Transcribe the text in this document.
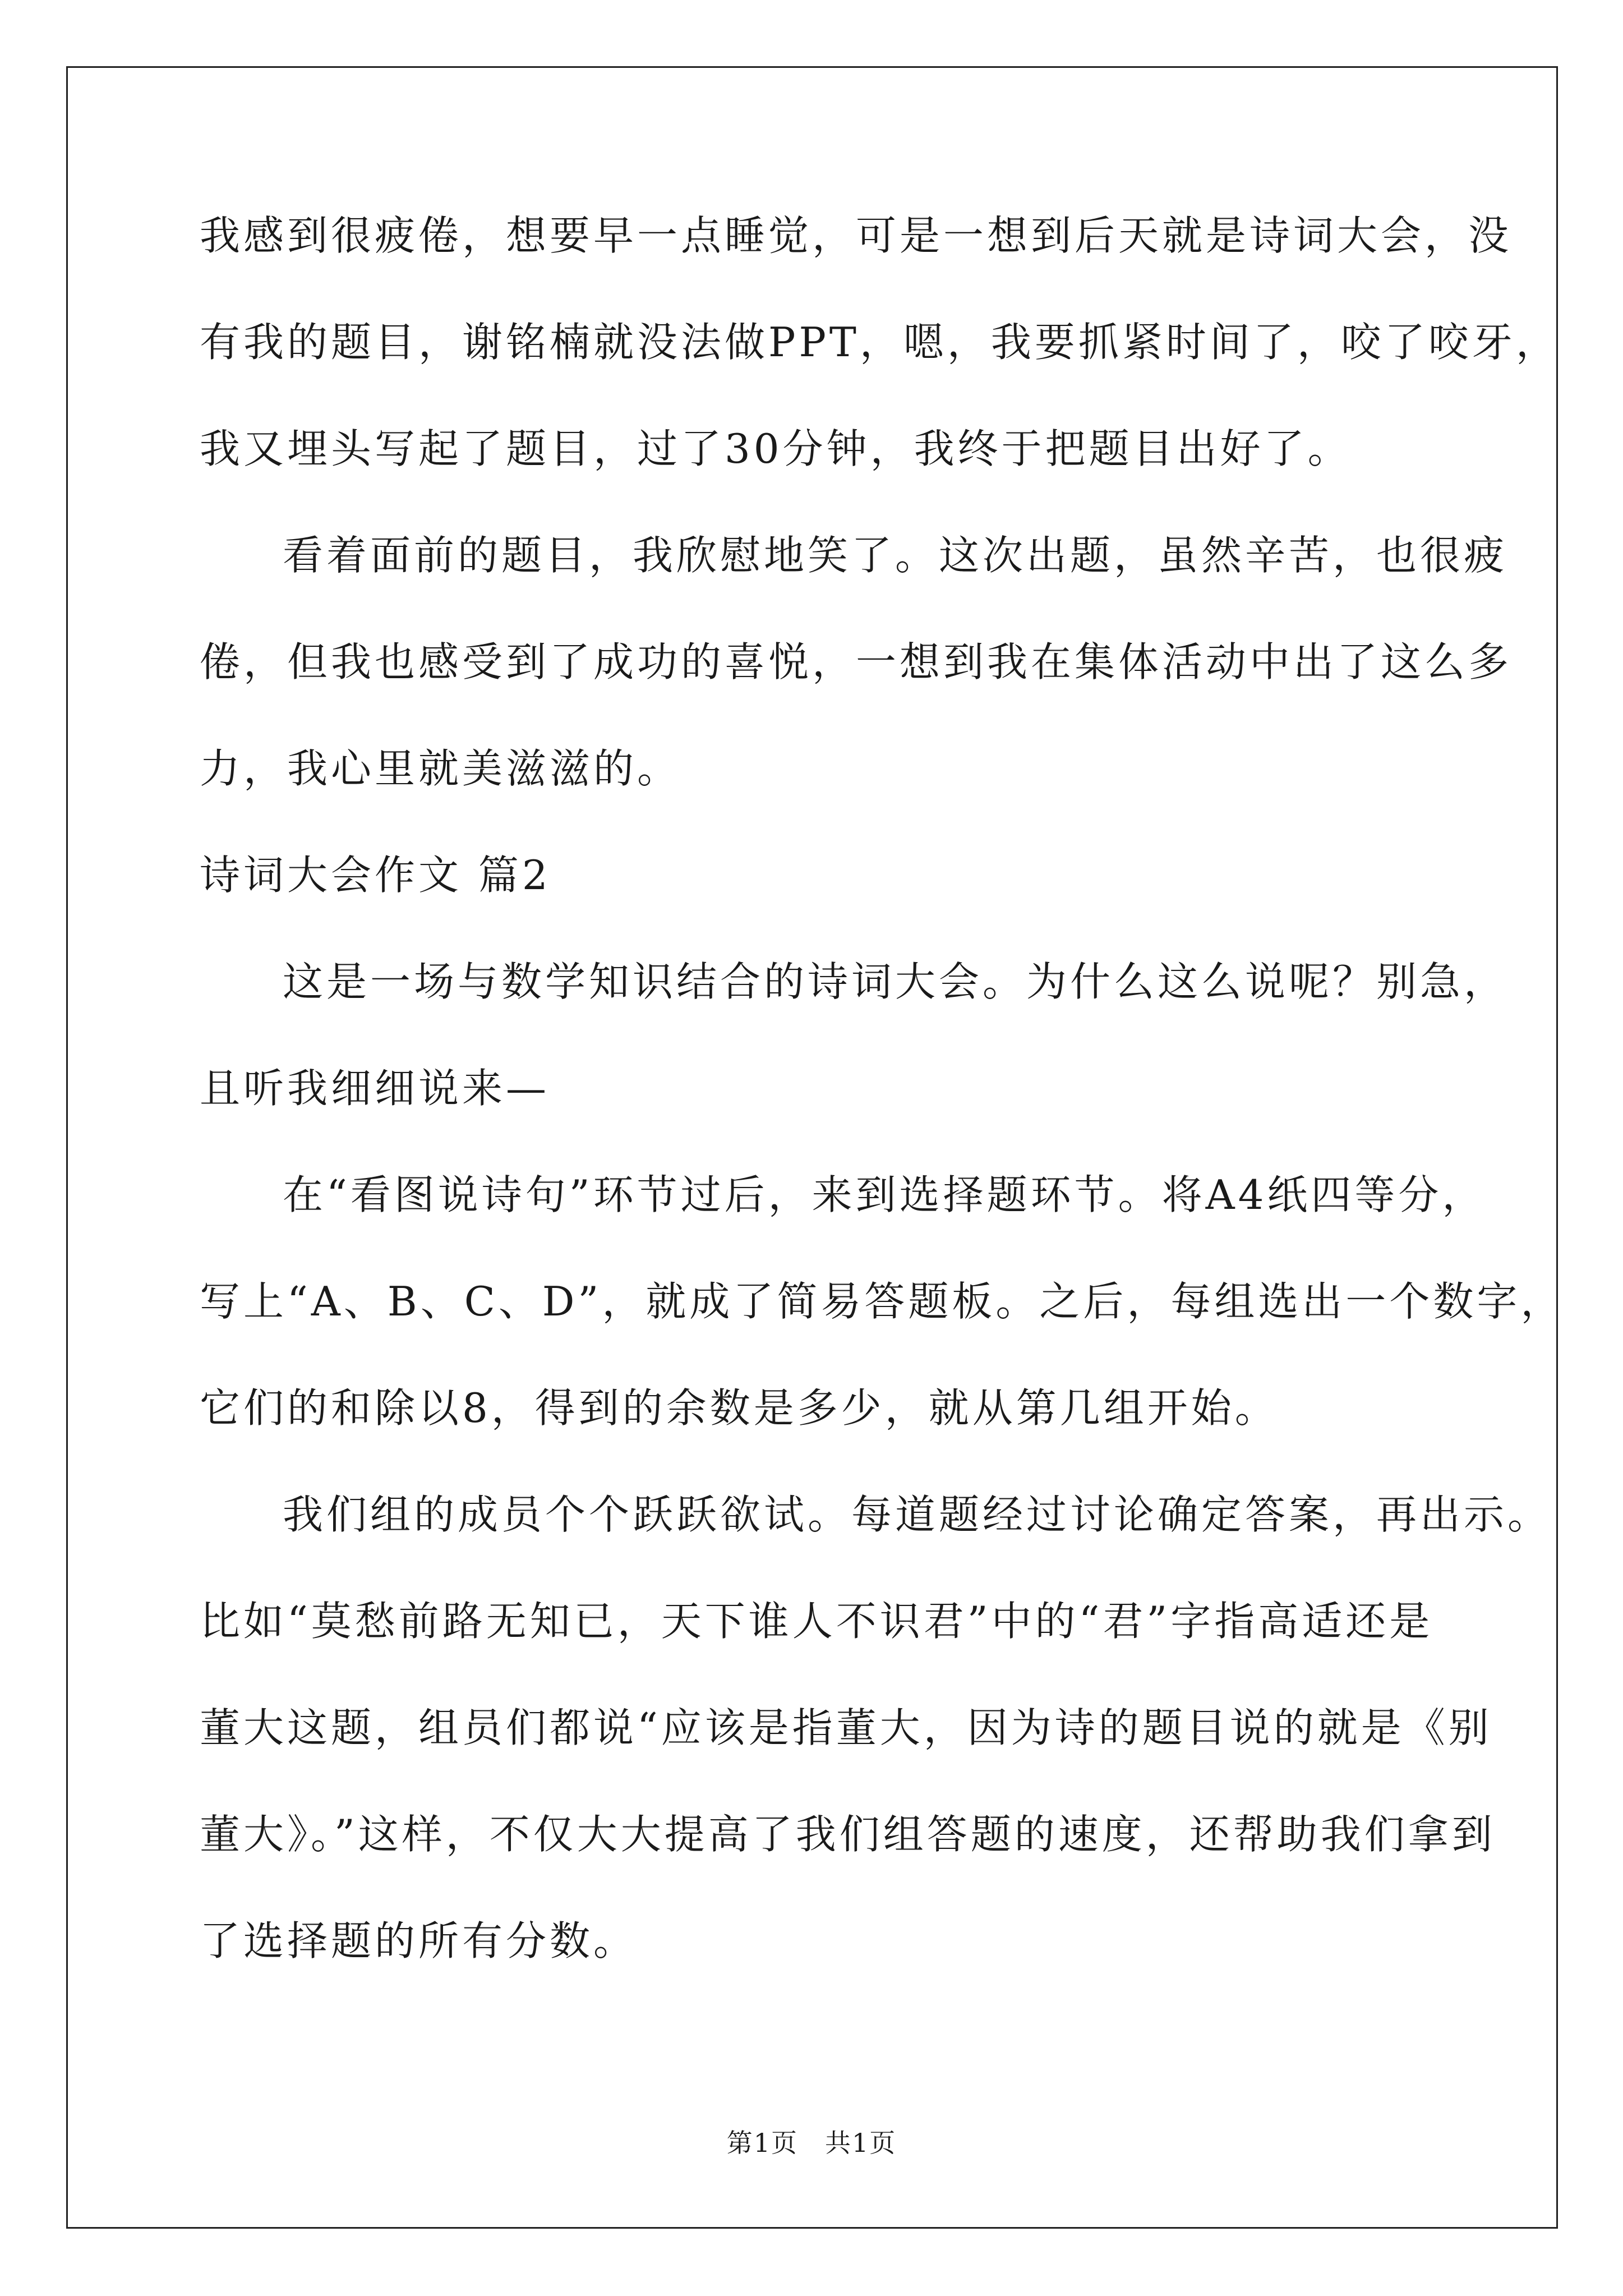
我感到很疲倦，想要早一点睡觉，可是一想到后天就是诗词大会，没
有我的题目，谢铭楠就没法做PPT，嗯，我要抓紧时间了，咬了咬牙，
我又埋头写起了题目，过了30分钟，我终于把题目出好了。
看着面前的题目，我欣慰地笑了。这次出题，虽然辛苦，也很疲
倦，但我也感受到了成功的喜悦，一想到我在集体活动中出了这么多
力，我心里就美滋滋的。
诗词大会作文 篇2
这是一场与数学知识结合的诗词大会。为什么这么说呢？别急，
且听我细细说来—
在“看图说诗句”环节过后，来到选择题环节。将A4纸四等分，
写上“A、B、C、D”，就成了简易答题板。之后，每组选出一个数字，
它们的和除以8，得到的余数是多少，就从第几组开始。
我们组的成员个个跃跃欲试。每道题经过讨论确定答案，再出示。
比如“莫愁前路无知已，天下谁人不识君”中的“君”字指高适还是
董大这题，组员们都说“应该是指董大，因为诗的题目说的就是《别
董大》。”这样，不仅大大提高了我们组答题的速度，还帮助我们拿到
了选择题的所有分数。
第1页　共1页
